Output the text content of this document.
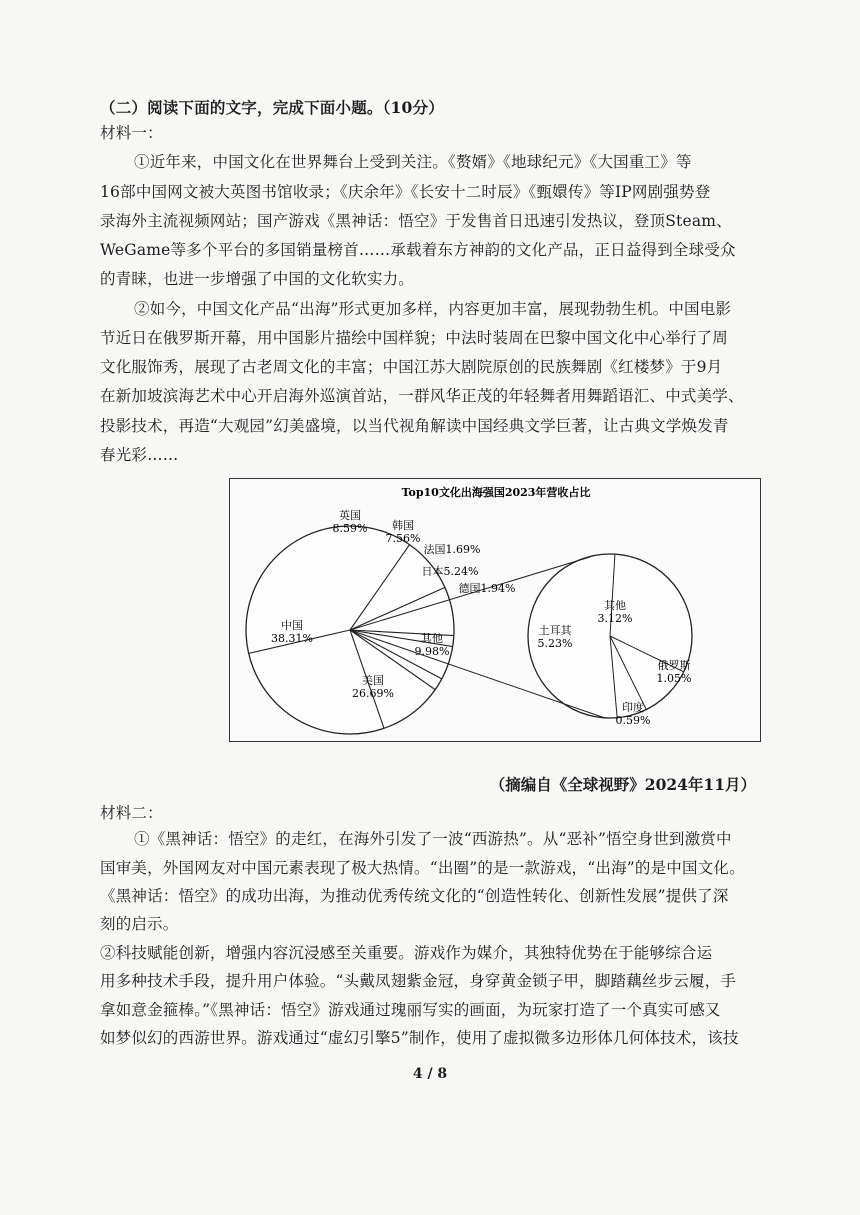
（二）阅读下面的文字，完成下面小题。（10分）
材料一：
①近年来，中国文化在世界舞台上受到关注。《赘婿》《地球纪元》《大国重工》等
16部中国网文被大英图书馆收录；《庆余年》《长安十二时辰》《甄嬛传》等IP网剧强势登
录海外主流视频网站；国产游戏《黑神话：悟空》于发售首日迅速引发热议，登顶Steam、
WeGame等多个平台的多国销量榜首……承载着东方神韵的文化产品，正日益得到全球受众
的青睐，也进一步增强了中国的文化软实力。
②如今，中国文化产品“出海”形式更加多样，内容更加丰富，展现勃勃生机。中国电影
节近日在俄罗斯开幕，用中国影片描绘中国样貌；中法时装周在巴黎中国文化中心举行了周
文化服饰秀，展现了古老周文化的丰富；中国江苏大剧院原创的民族舞剧《红楼梦》于9月
在新加坡滨海艺术中心开启海外巡演首站，一群风华正茂的年轻舞者用舞蹈语汇、中式美学、
投影技术，再造“大观园”幻美盛境，以当代视角解读中国经典文学巨著，让古典文学焕发青
春光彩……
Top10文化出海强国2023年营收占比
中国 38.31%
英国 8.59%	韩国 7.56%
法国1.69%
日本5.24%
德国1.94%
其他 9.98%
美国 26.69%
土耳其 5.23%
其他 3.12%
俄罗斯 1.05%
印度 0.59%
（摘编自《全球视野》2024年11月）
材料二：
①《黑神话：悟空》的走红，在海外引发了一波“西游热”。从“恶补”悟空身世到激赏中
国审美，外国网友对中国元素表现了极大热情。“出圈”的是一款游戏，“出海”的是中国文化。
《黑神话：悟空》的成功出海，为推动优秀传统文化的“创造性转化、创新性发展”提供了深
刻的启示。
②科技赋能创新，增强内容沉浸感至关重要。游戏作为媒介，其独特优势在于能够综合运
用多种技术手段，提升用户体验。“头戴凤翅紫金冠，身穿黄金锁子甲，脚踏藕丝步云履，手
拿如意金箍棒。”《黑神话：悟空》游戏通过瑰丽写实的画面，为玩家打造了一个真实可感又
如梦似幻的西游世界。游戏通过“虚幻引擎5”制作，使用了虚拟微多边形体几何体技术，该技
4 / 8
